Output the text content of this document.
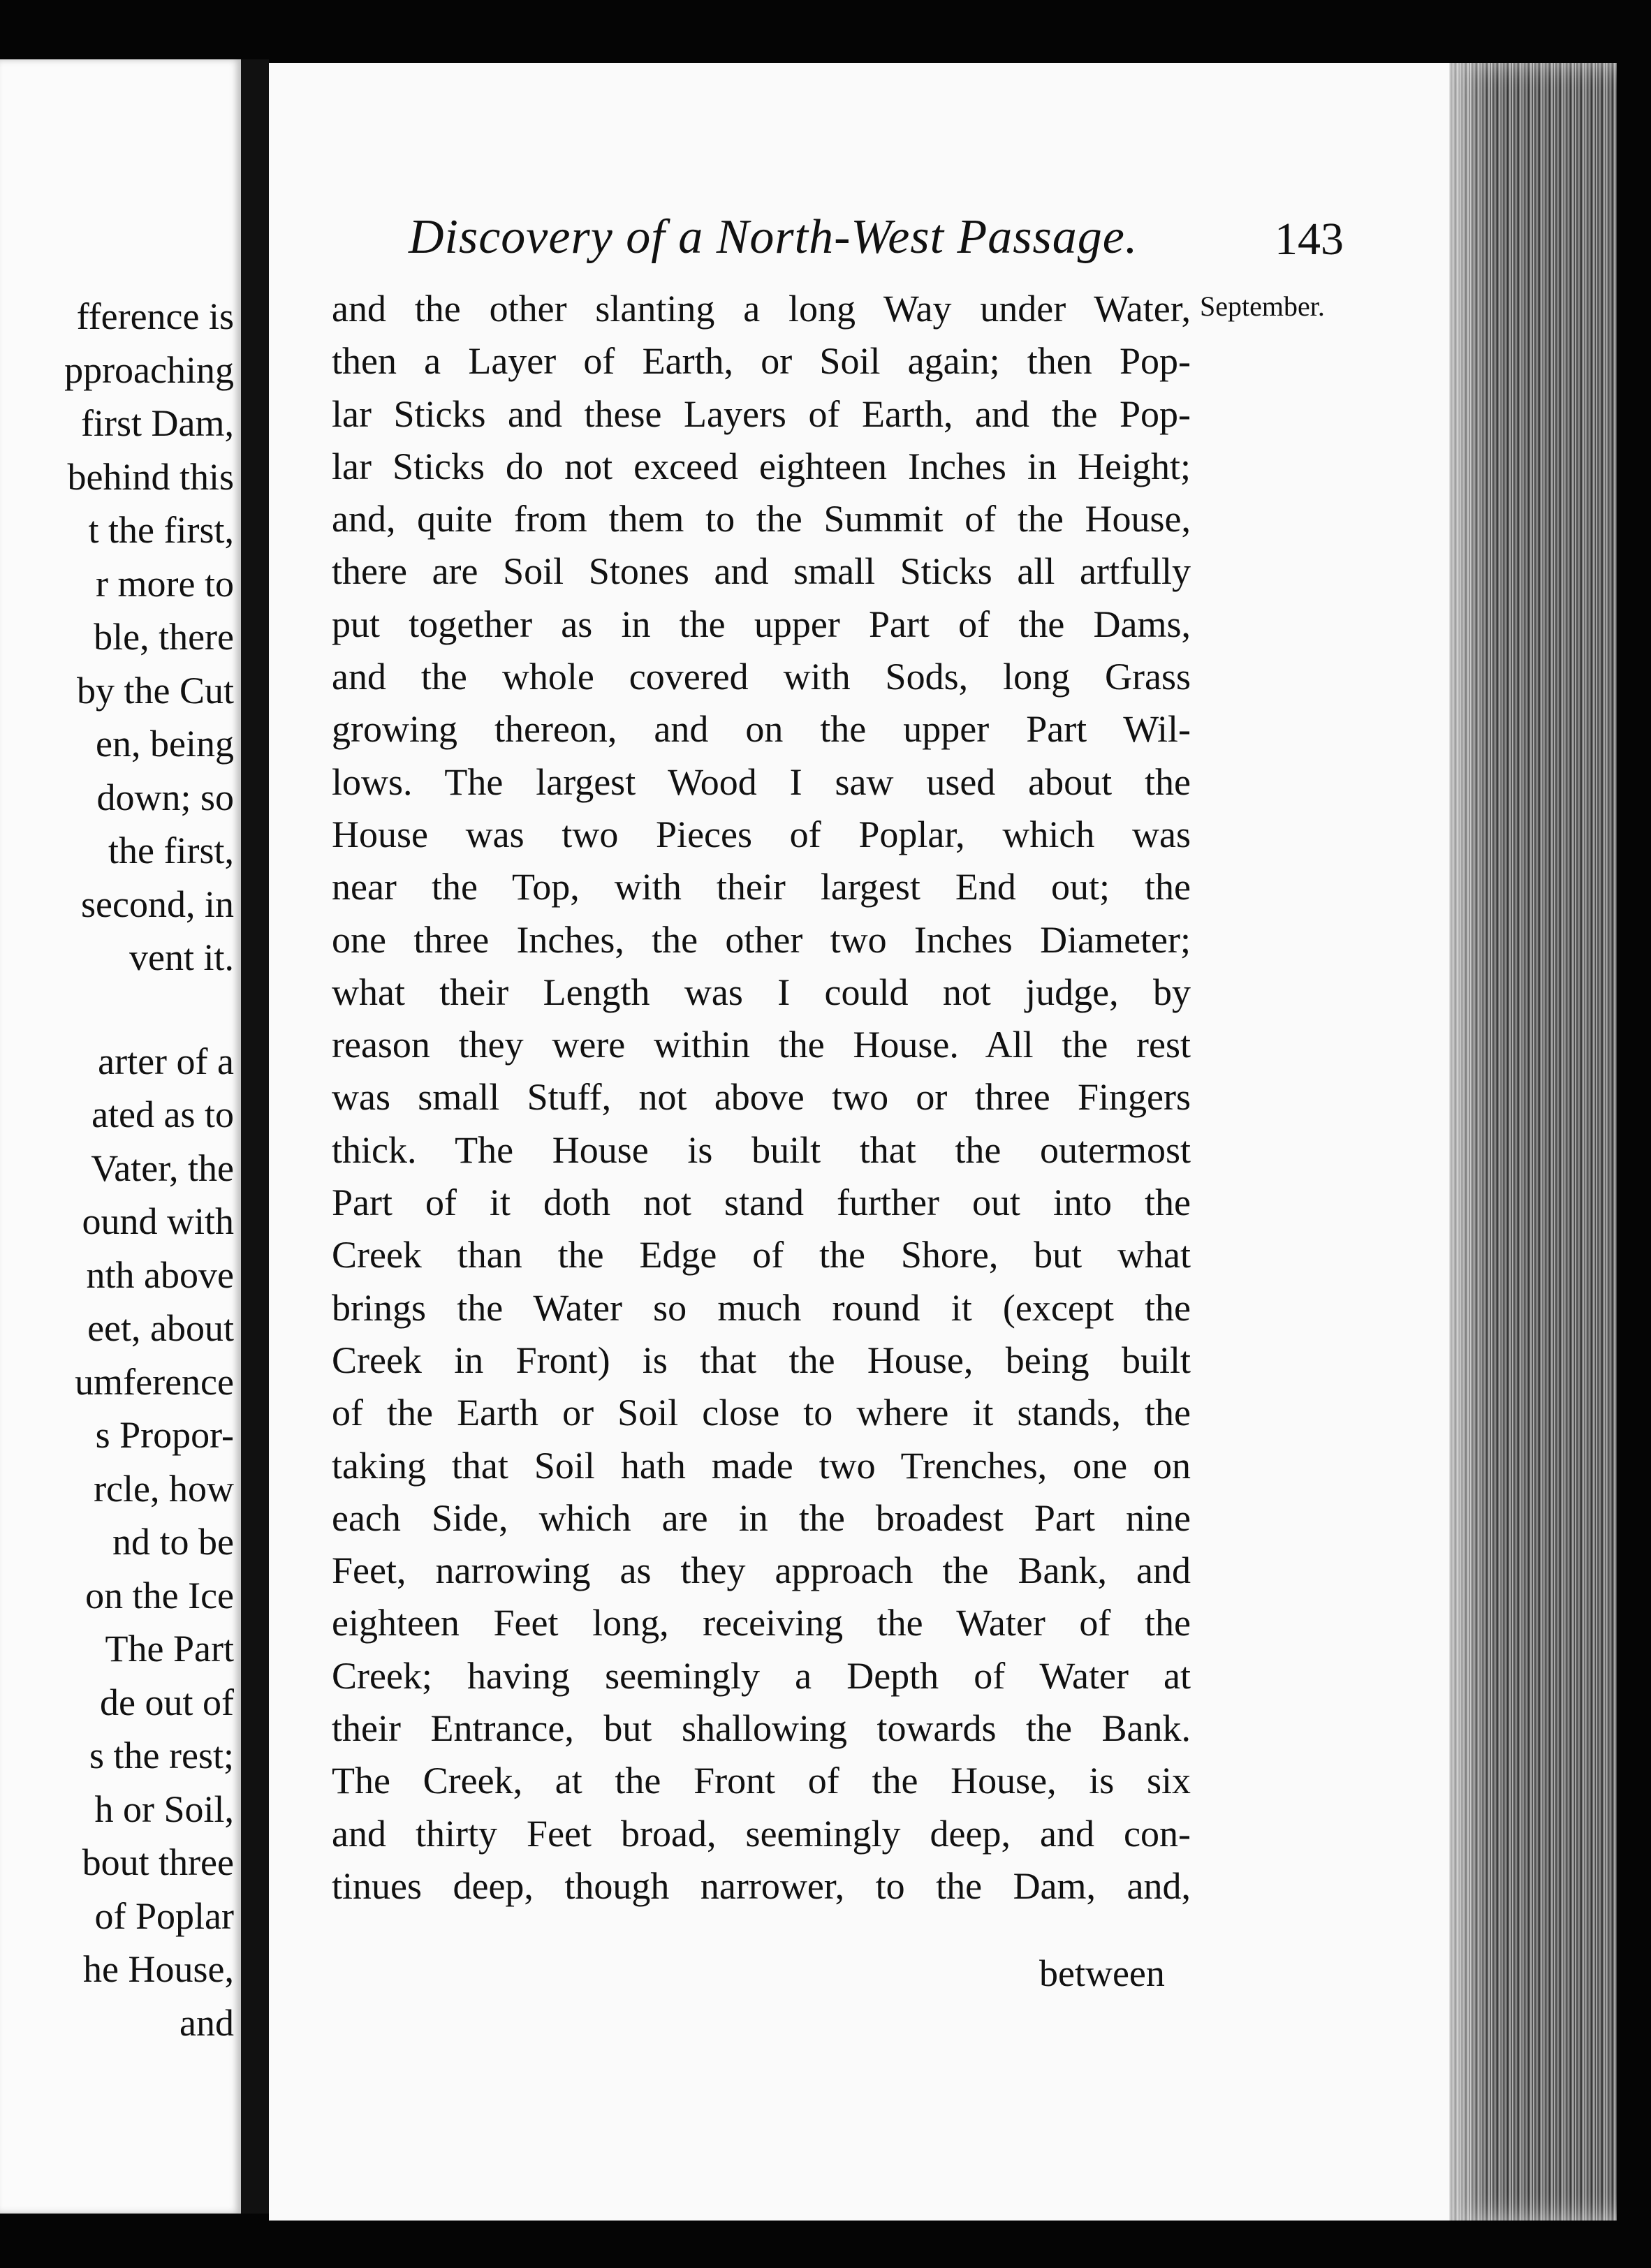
fference is
pproaching
first Dam,
behind this
t the first,
r more to
ble, there
by the Cut
en, being
down; so
the first,
second, in
vent it.
arter of a
ated as to
Vater, the
ound with
nth above
eet, about
umference
s Propor-
rcle, how
nd to be
on the Ice
The Part
de out of
s the rest;
h or Soil,
bout three
of Poplar
he House,
and
Discovery of a North-West Passage.	143
September.
and the other slanting a long Way under Water,
then a Layer of Earth, or Soil again; then Pop-
lar Sticks and these Layers of Earth, and the Pop-
lar Sticks do not exceed eighteen Inches in Height;
and, quite from them to the Summit of the House,
there are Soil Stones and small Sticks all artfully
put together as in the upper Part of the Dams,
and the whole covered with Sods, long Grass
growing thereon, and on the upper Part Wil-
lows. The largest Wood I saw used about the
House was two Pieces of Poplar, which was
near the Top, with their largest End out; the
one three Inches, the other two Inches Diameter;
what their Length was I could not judge, by
reason they were within the House. All the rest
was small Stuff, not above two or three Fingers
thick. The House is built that the outermost
Part of it doth not stand further out into the
Creek than the Edge of the Shore, but what
brings the Water so much round it (except the
Creek in Front) is that the House, being built
of the Earth or Soil close to where it stands, the
taking that Soil hath made two Trenches, one on
each Side, which are in the broadest Part nine
Feet, narrowing as they approach the Bank, and
eighteen Feet long, receiving the Water of the
Creek; having seemingly a Depth of Water at
their Entrance, but shallowing towards the Bank.
The Creek, at the Front of the House, is six
and thirty Feet broad, seemingly deep, and con-
tinues deep, though narrower, to the Dam, and,
between
